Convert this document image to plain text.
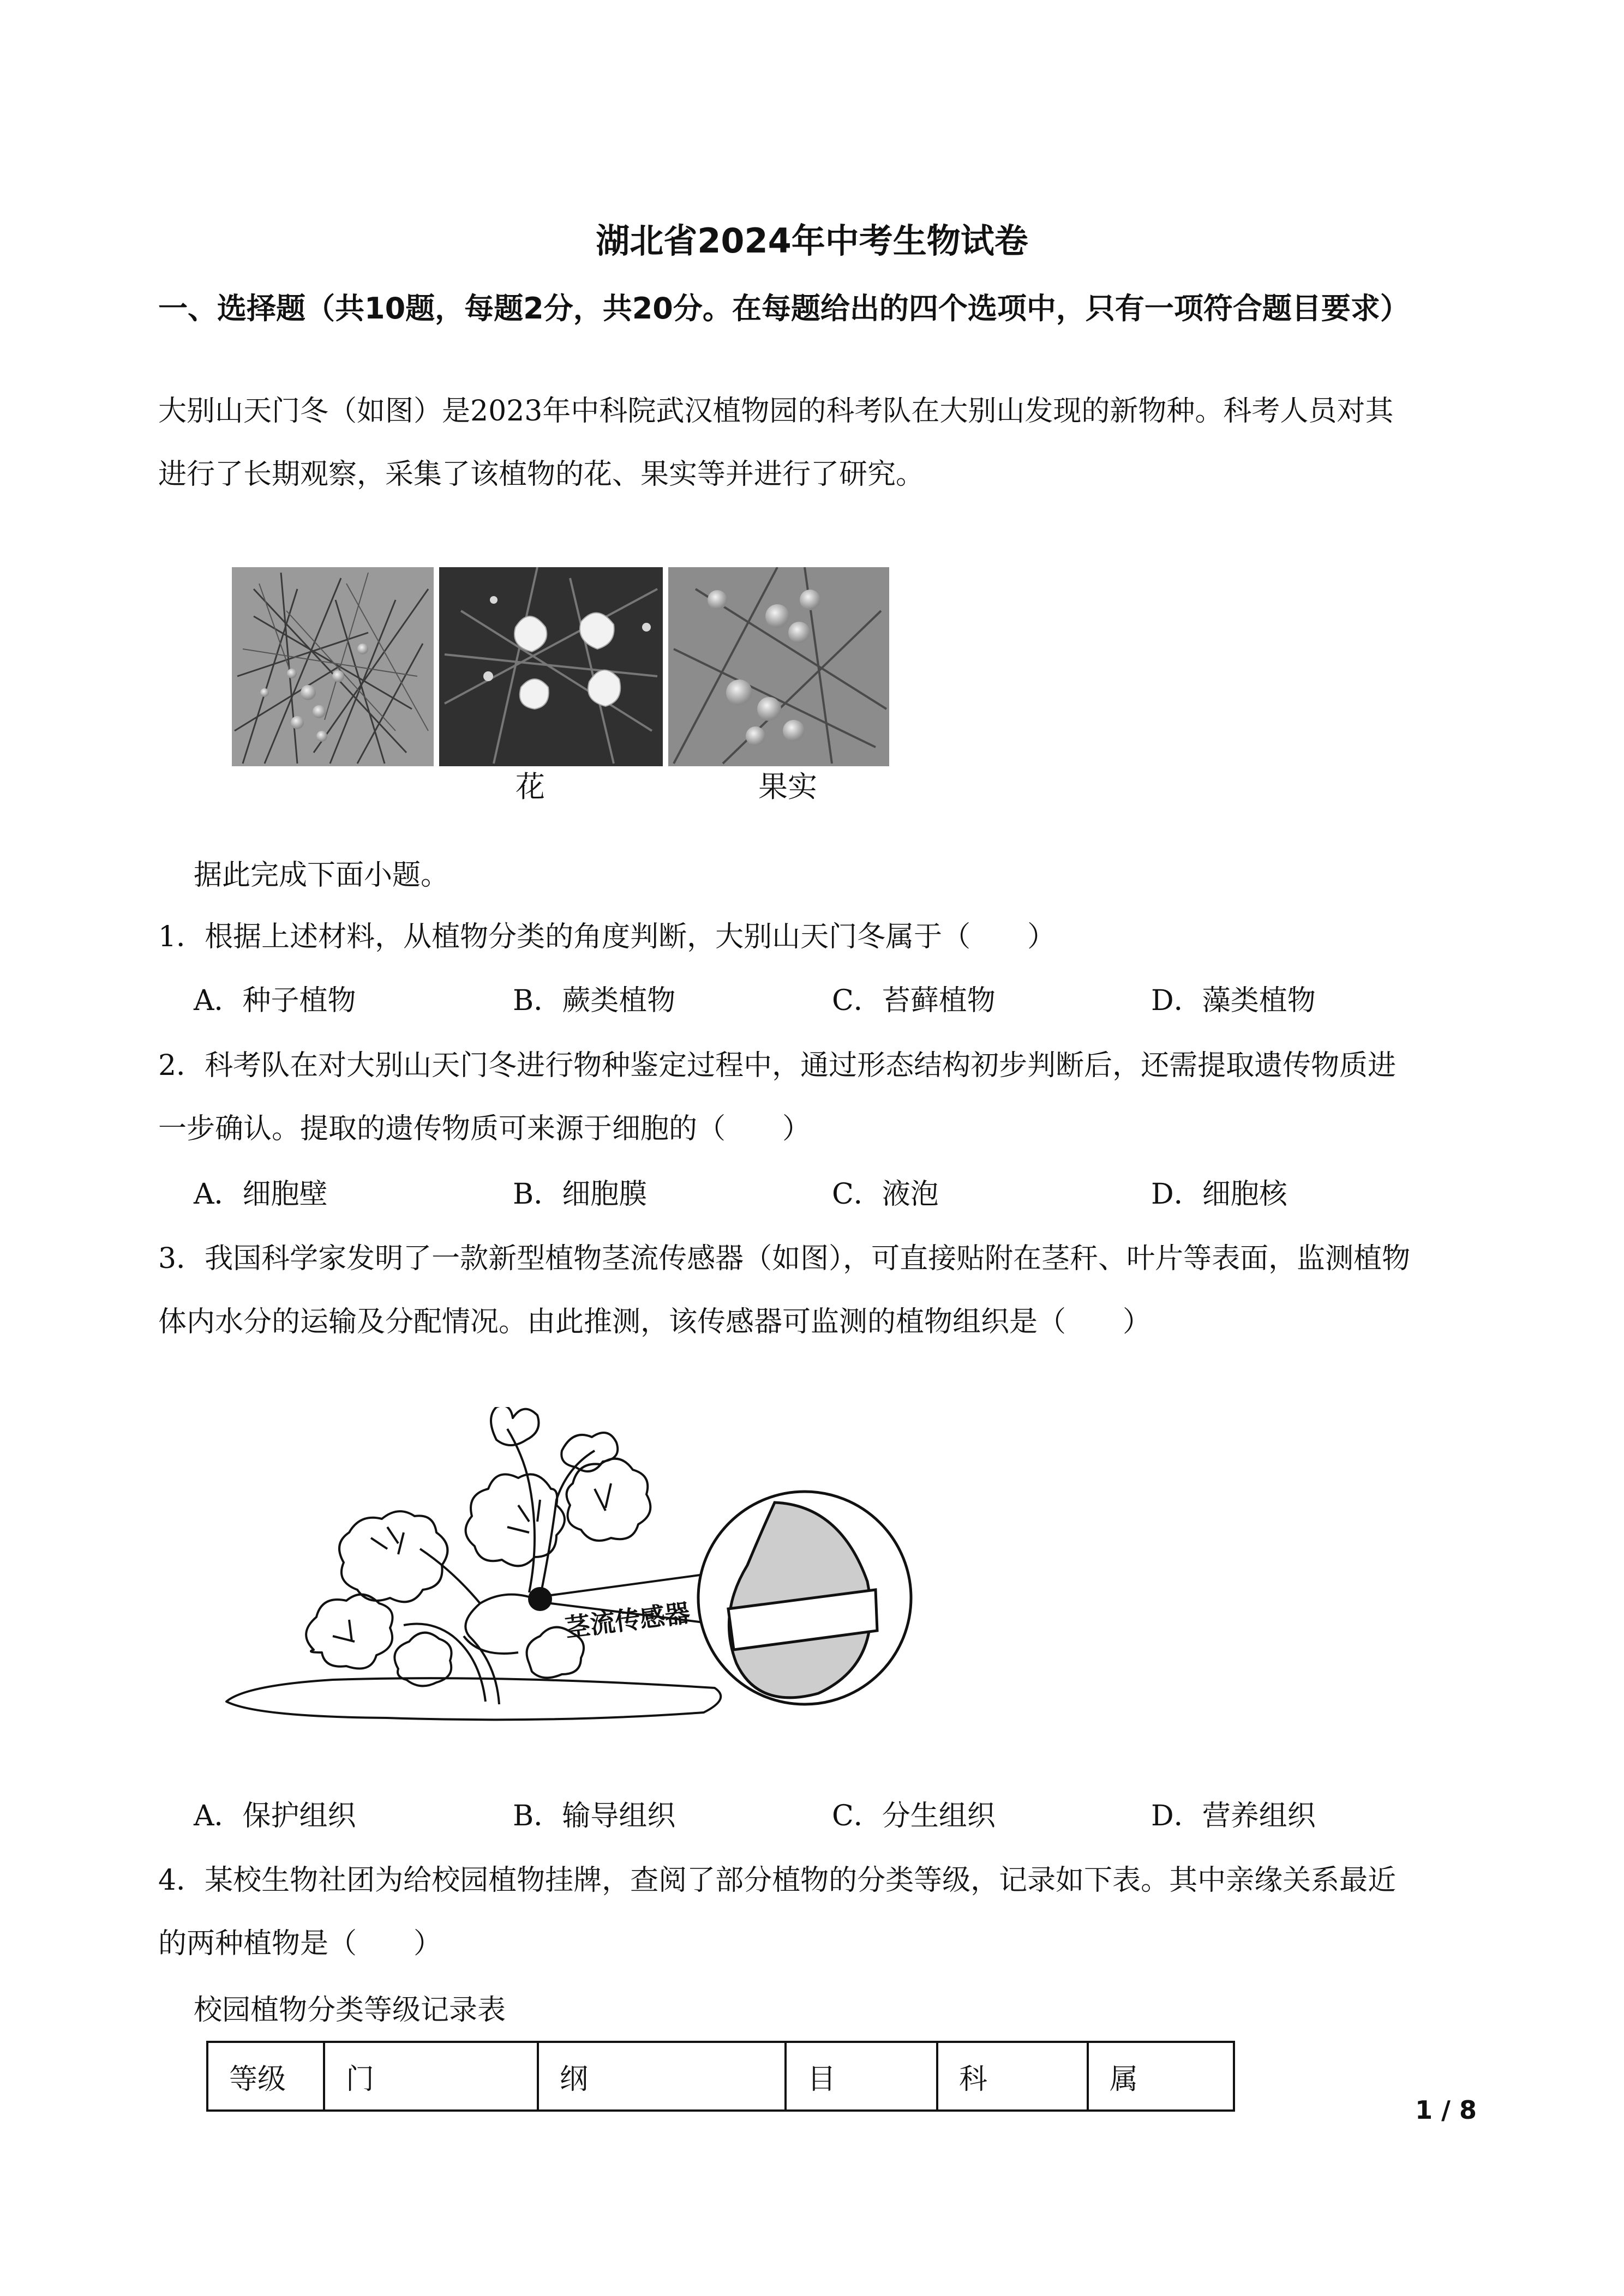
湖北省2024年中考生物试卷
一、选择题（共10题，每题2分，共20分。在每题给出的四个选项中，只有一项符合题目要求）
大别山天门冬（如图）是2023年中科院武汉植物园的科考队在大别山发现的新物种。科考人员对其
进行了长期观察，采集了该植物的花、果实等并进行了研究。
花	果实
据此完成下面小题。
1．根据上述材料，从植物分类的角度判断，大别山天门冬属于（　　）
A．种子植物	B．蕨类植物	C．苔藓植物	D．藻类植物
2．科考队在对大别山天门冬进行物种鉴定过程中，通过形态结构初步判断后，还需提取遗传物质进
一步确认。提取的遗传物质可来源于细胞的（　　）
A．细胞壁	B．细胞膜	C．液泡	D．细胞核
3．我国科学家发明了一款新型植物茎流传感器（如图），可直接贴附在茎秆、叶片等表面，监测植物
体内水分的运输及分配情况。由此推测，该传感器可监测的植物组织是（　　）
茎流传感器
A．保护组织	B．输导组织	C．分生组织	D．营养组织
4．某校生物社团为给校园植物挂牌，查阅了部分植物的分类等级，记录如下表。其中亲缘关系最近
的两种植物是（　　）
校园植物分类等级记录表
等级	门	纲	目	科	属
1 / 8
